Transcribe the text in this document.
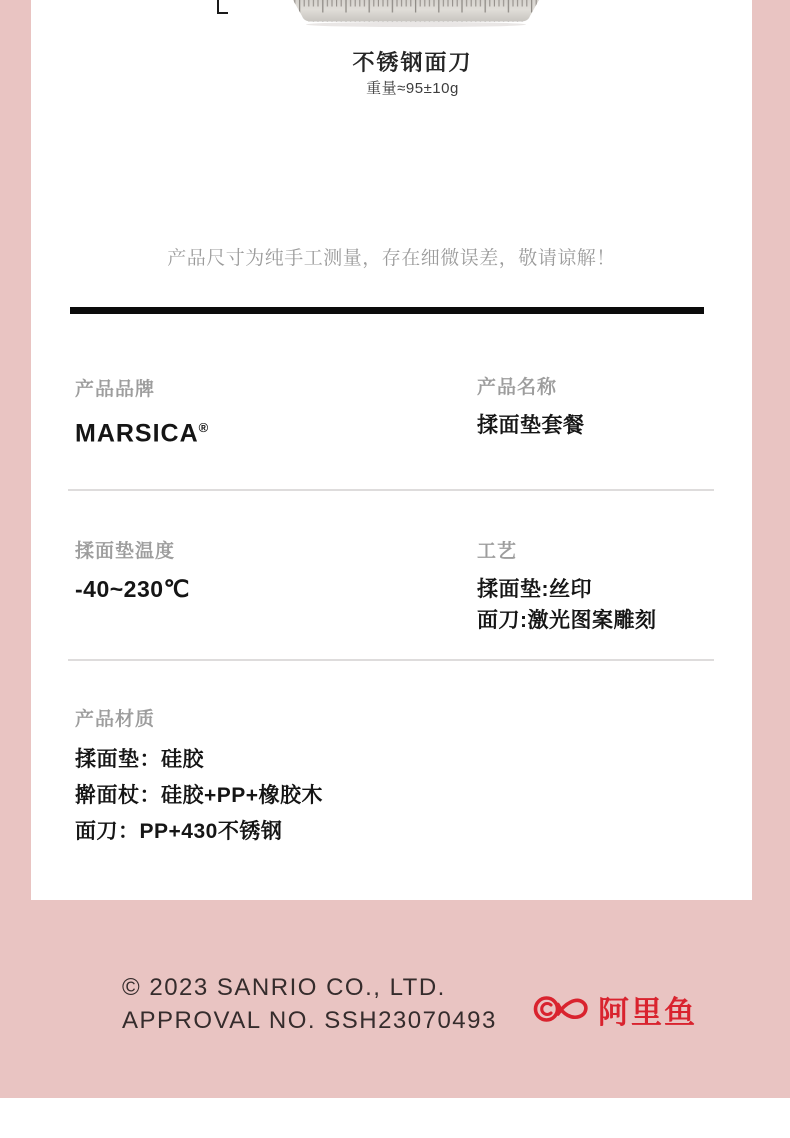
不锈钢面刀
重量≈95±10g
产品尺寸为纯手工测量，存在细微误差，敬请谅解！
产品品牌
MARSICA®
产品名称
揉面垫套餐
揉面垫温度
-40~230℃
工艺
揉面垫:丝印
面刀:激光图案雕刻
产品材质
揉面垫：硅胶
擀面杖：硅胶+PP+橡胶木
面刀：PP+430不锈钢
© 2023 SANRIO CO., LTD.
APPROVAL NO. SSH23070493	阿里鱼
